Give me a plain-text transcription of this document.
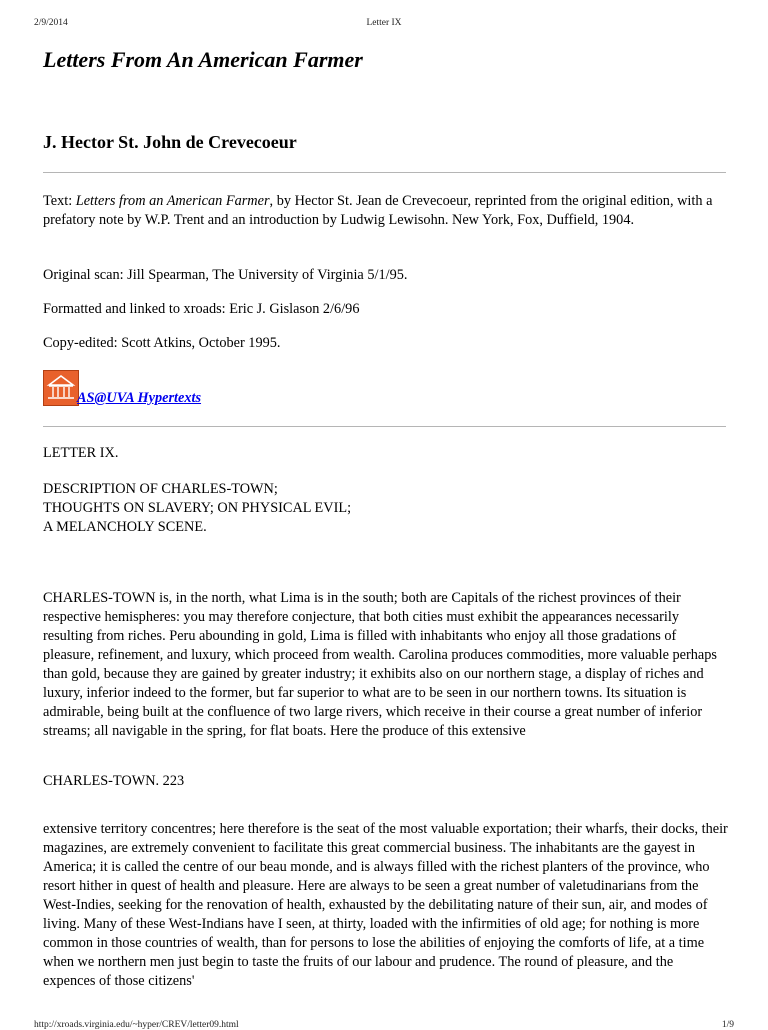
2/9/2014	Letter IX
Letters From An American Farmer
J. Hector St. John de Crevecoeur

Text: Letters from an American Farmer, by Hector St. Jean de Crevecoeur, reprinted from the original edition, with a prefatory note by W.P. Trent and an introduction by Ludwig Lewisohn. New York, Fox, Duffield, 1904.

Original scan: Jill Spearman, The University of Virginia 5/1/95.

Formatted and linked to xroads: Eric J. Gislason 2/6/96

Copy-edited: Scott Atkins, October 1995.

AS@UVA Hypertexts

LETTER IX.

DESCRIPTION OF CHARLES-TOWN;

THOUGHTS ON SLAVERY; ON PHYSICAL EVIL;

A MELANCHOLY SCENE.

CHARLES-TOWN is, in the north, what Lima is in the south; both are Capitals of the richest provinces of their respective hemispheres: you may therefore conjecture, that both cities must exhibit the appearances necessarily resulting from riches. Peru abounding in gold, Lima is filled with inhabitants who enjoy all those gradations of pleasure, refinement, and luxury, which proceed from wealth. Carolina produces commodities, more valuable perhaps than gold, because they are gained by greater industry; it exhibits also on our northern stage, a display of riches and luxury, inferior indeed to the former, but far superior to what are to be seen in our northern towns. Its situation is admirable, being built at the confluence of two large rivers, which receive in their course a great number of inferior streams; all navigable in the spring, for flat boats. Here the produce of this extensive

CHARLES-TOWN. 223

extensive territory concentres; here therefore is the seat of the most valuable exportation; their wharfs, their docks, their magazines, are extremely convenient to facilitate this great commercial business. The inhabitants are the gayest in America; it is called the centre of our beau monde, and is always filled with the richest planters of the province, who resort hither in quest of health and pleasure. Here are always to be seen a great number of valetudinarians from the West-Indies, seeking for the renovation of health, exhausted by the debilitating nature of their sun, air, and modes of living. Many of these West-Indians have I seen, at thirty, loaded with the infirmities of old age; for nothing is more common in those countries of wealth, than for persons to lose the abilities of enjoying the comforts of life, at a time when we northern men just begin to taste the fruits of our labour and prudence. The round of pleasure, and the expences of those citizens'

http://xroads.virginia.edu/~hyper/CREV/letter09.html	1/9
